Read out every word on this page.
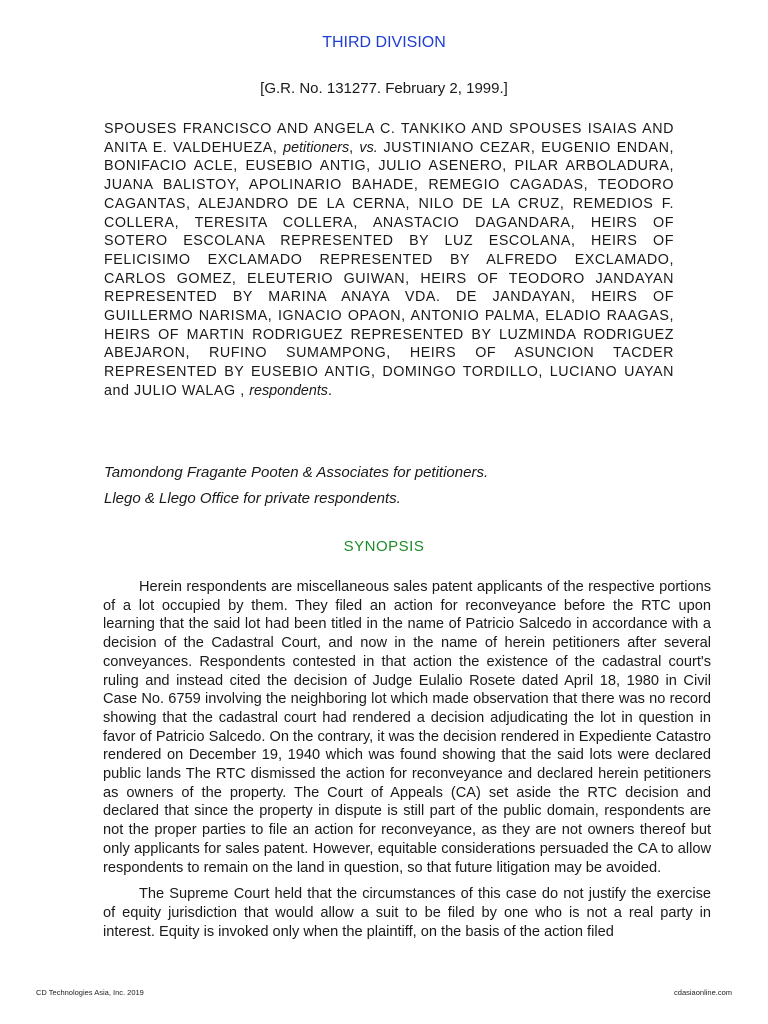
THIRD DIVISION
[G.R. No. 131277. February 2, 1999.]
SPOUSES FRANCISCO AND ANGELA C. TANKIKO AND SPOUSES ISAIAS AND ANITA E. VALDEHUEZA, petitioners, vs. JUSTINIANO CEZAR, EUGENIO ENDAN, BONIFACIO ACLE, EUSEBIO ANTIG, JULIO ASENERO, PILAR ARBOLADURA, JUANA BALISTOY, APOLINARIO BAHADE, REMEGIO CAGADAS, TEODORO CAGANTAS, ALEJANDRO DE LA CERNA, NILO DE LA CRUZ, REMEDIOS F. COLLERA, TERESITA COLLERA, ANASTACIO DAGANDARA, HEIRS OF SOTERO ESCOLANA REPRESENTED BY LUZ ESCOLANA, HEIRS OF FELICISIMO EXCLAMADO REPRESENTED BY ALFREDO EXCLAMADO, CARLOS GOMEZ, ELEUTERIO GUIWAN, HEIRS OF TEODORO JANDAYAN REPRESENTED BY MARINA ANAYA VDA. DE JANDAYAN, HEIRS OF GUILLERMO NARISMA, IGNACIO OPAON, ANTONIO PALMA, ELADIO RAAGAS, HEIRS OF MARTIN RODRIGUEZ REPRESENTED BY LUZMINDA RODRIGUEZ ABEJARON, RUFINO SUMAMPONG, HEIRS OF ASUNCION TACDER REPRESENTED BY EUSEBIO ANTIG, DOMINGO TORDILLO, LUCIANO UAYAN and JULIO WALAG , respondents.
Tamondong Fragante Pooten & Associates for petitioners.
Llego & Llego Office for private respondents.
SYNOPSIS

Herein respondents are miscellaneous sales patent applicants of the respective portions of a lot occupied by them. They filed an action for reconveyance before the RTC upon learning that the said lot had been titled in the name of Patricio Salcedo in accordance with a decision of the Cadastral Court, and now in the name of herein petitioners after several conveyances. Respondents contested in that action the existence of the cadastral court's ruling and instead cited the decision of Judge Eulalio Rosete dated April 18, 1980 in Civil Case No. 6759 involving the neighboring lot which made observation that there was no record showing that the cadastral court had rendered a decision adjudicating the lot in question in favor of Patricio Salcedo. On the contrary, it was the decision rendered in Expediente Catastro rendered on December 19, 1940 which was found showing that the said lots were declared public lands The RTC dismissed the action for reconveyance and declared herein petitioners as owners of the property. The Court of Appeals (CA) set aside the RTC decision and declared that since the property in dispute is still part of the public domain, respondents are not the proper parties to file an action for reconveyance, as they are not owners thereof but only applicants for sales patent. However, equitable considerations persuaded the CA to allow respondents to remain on the land in question, so that future litigation may be avoided.

The Supreme Court held that the circumstances of this case do not justify the exercise of equity jurisdiction that would allow a suit to be filed by one who is not a real party in interest. Equity is invoked only when the plaintiff, on the basis of the action filed

CD Technologies Asia, Inc. 2019	cdasiaonline.com
